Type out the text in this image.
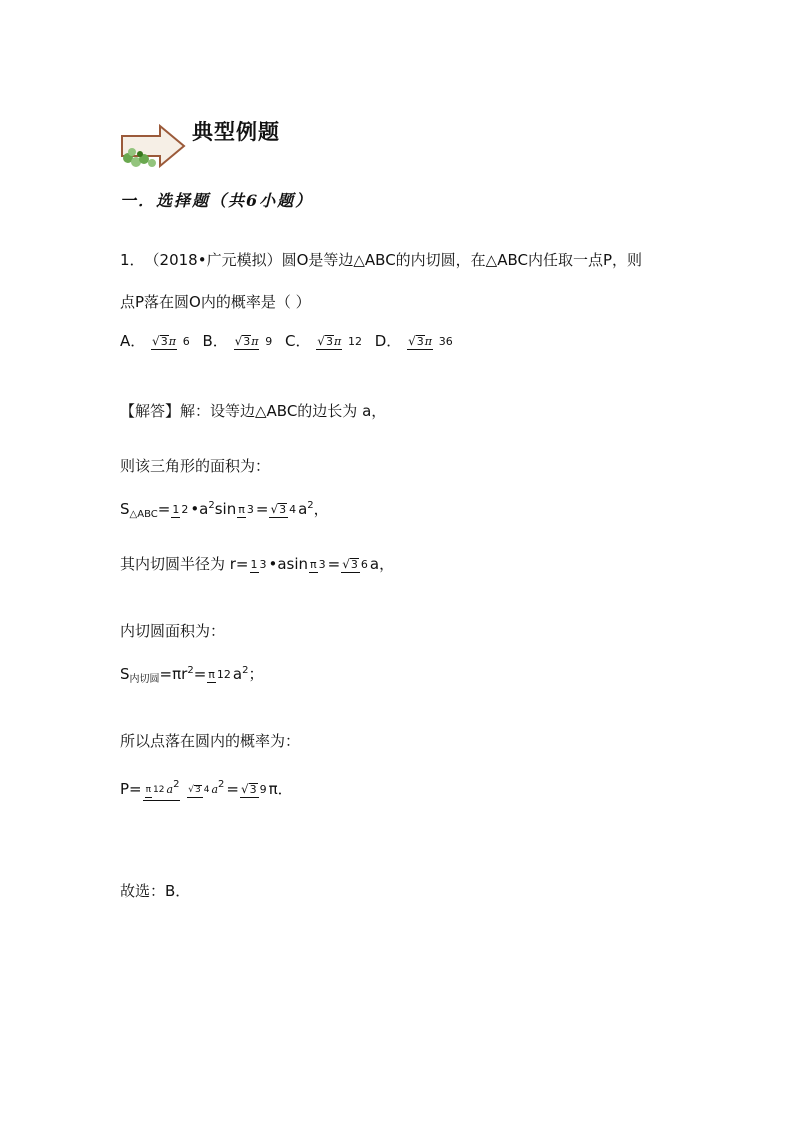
典型例题
一．选择题（共6小题）
1．（2018•广元模拟）圆O是等边△ABC的内切圆，在△ABC内任取一点P，则
点P落在圆O内的概率是（ ）
A． √3π 6 B． √3π 9 C． √3π 12 D． √3π 36
【解答】解：设等边△ABC的边长为 a，
则该三角形的面积为：
S△ABC= 1 2 •a2sin π 3 = √3 4 a2，
其内切圆半径为 r= 1 3 •asin π 3 = √3 6 a，
内切圆面积为：
S内切圆=πr2= π 12 a2；
所以点落在圆内的概率为：
P= π 12 a2 √3 4 a2 = √3 9 π．
故选：B．
